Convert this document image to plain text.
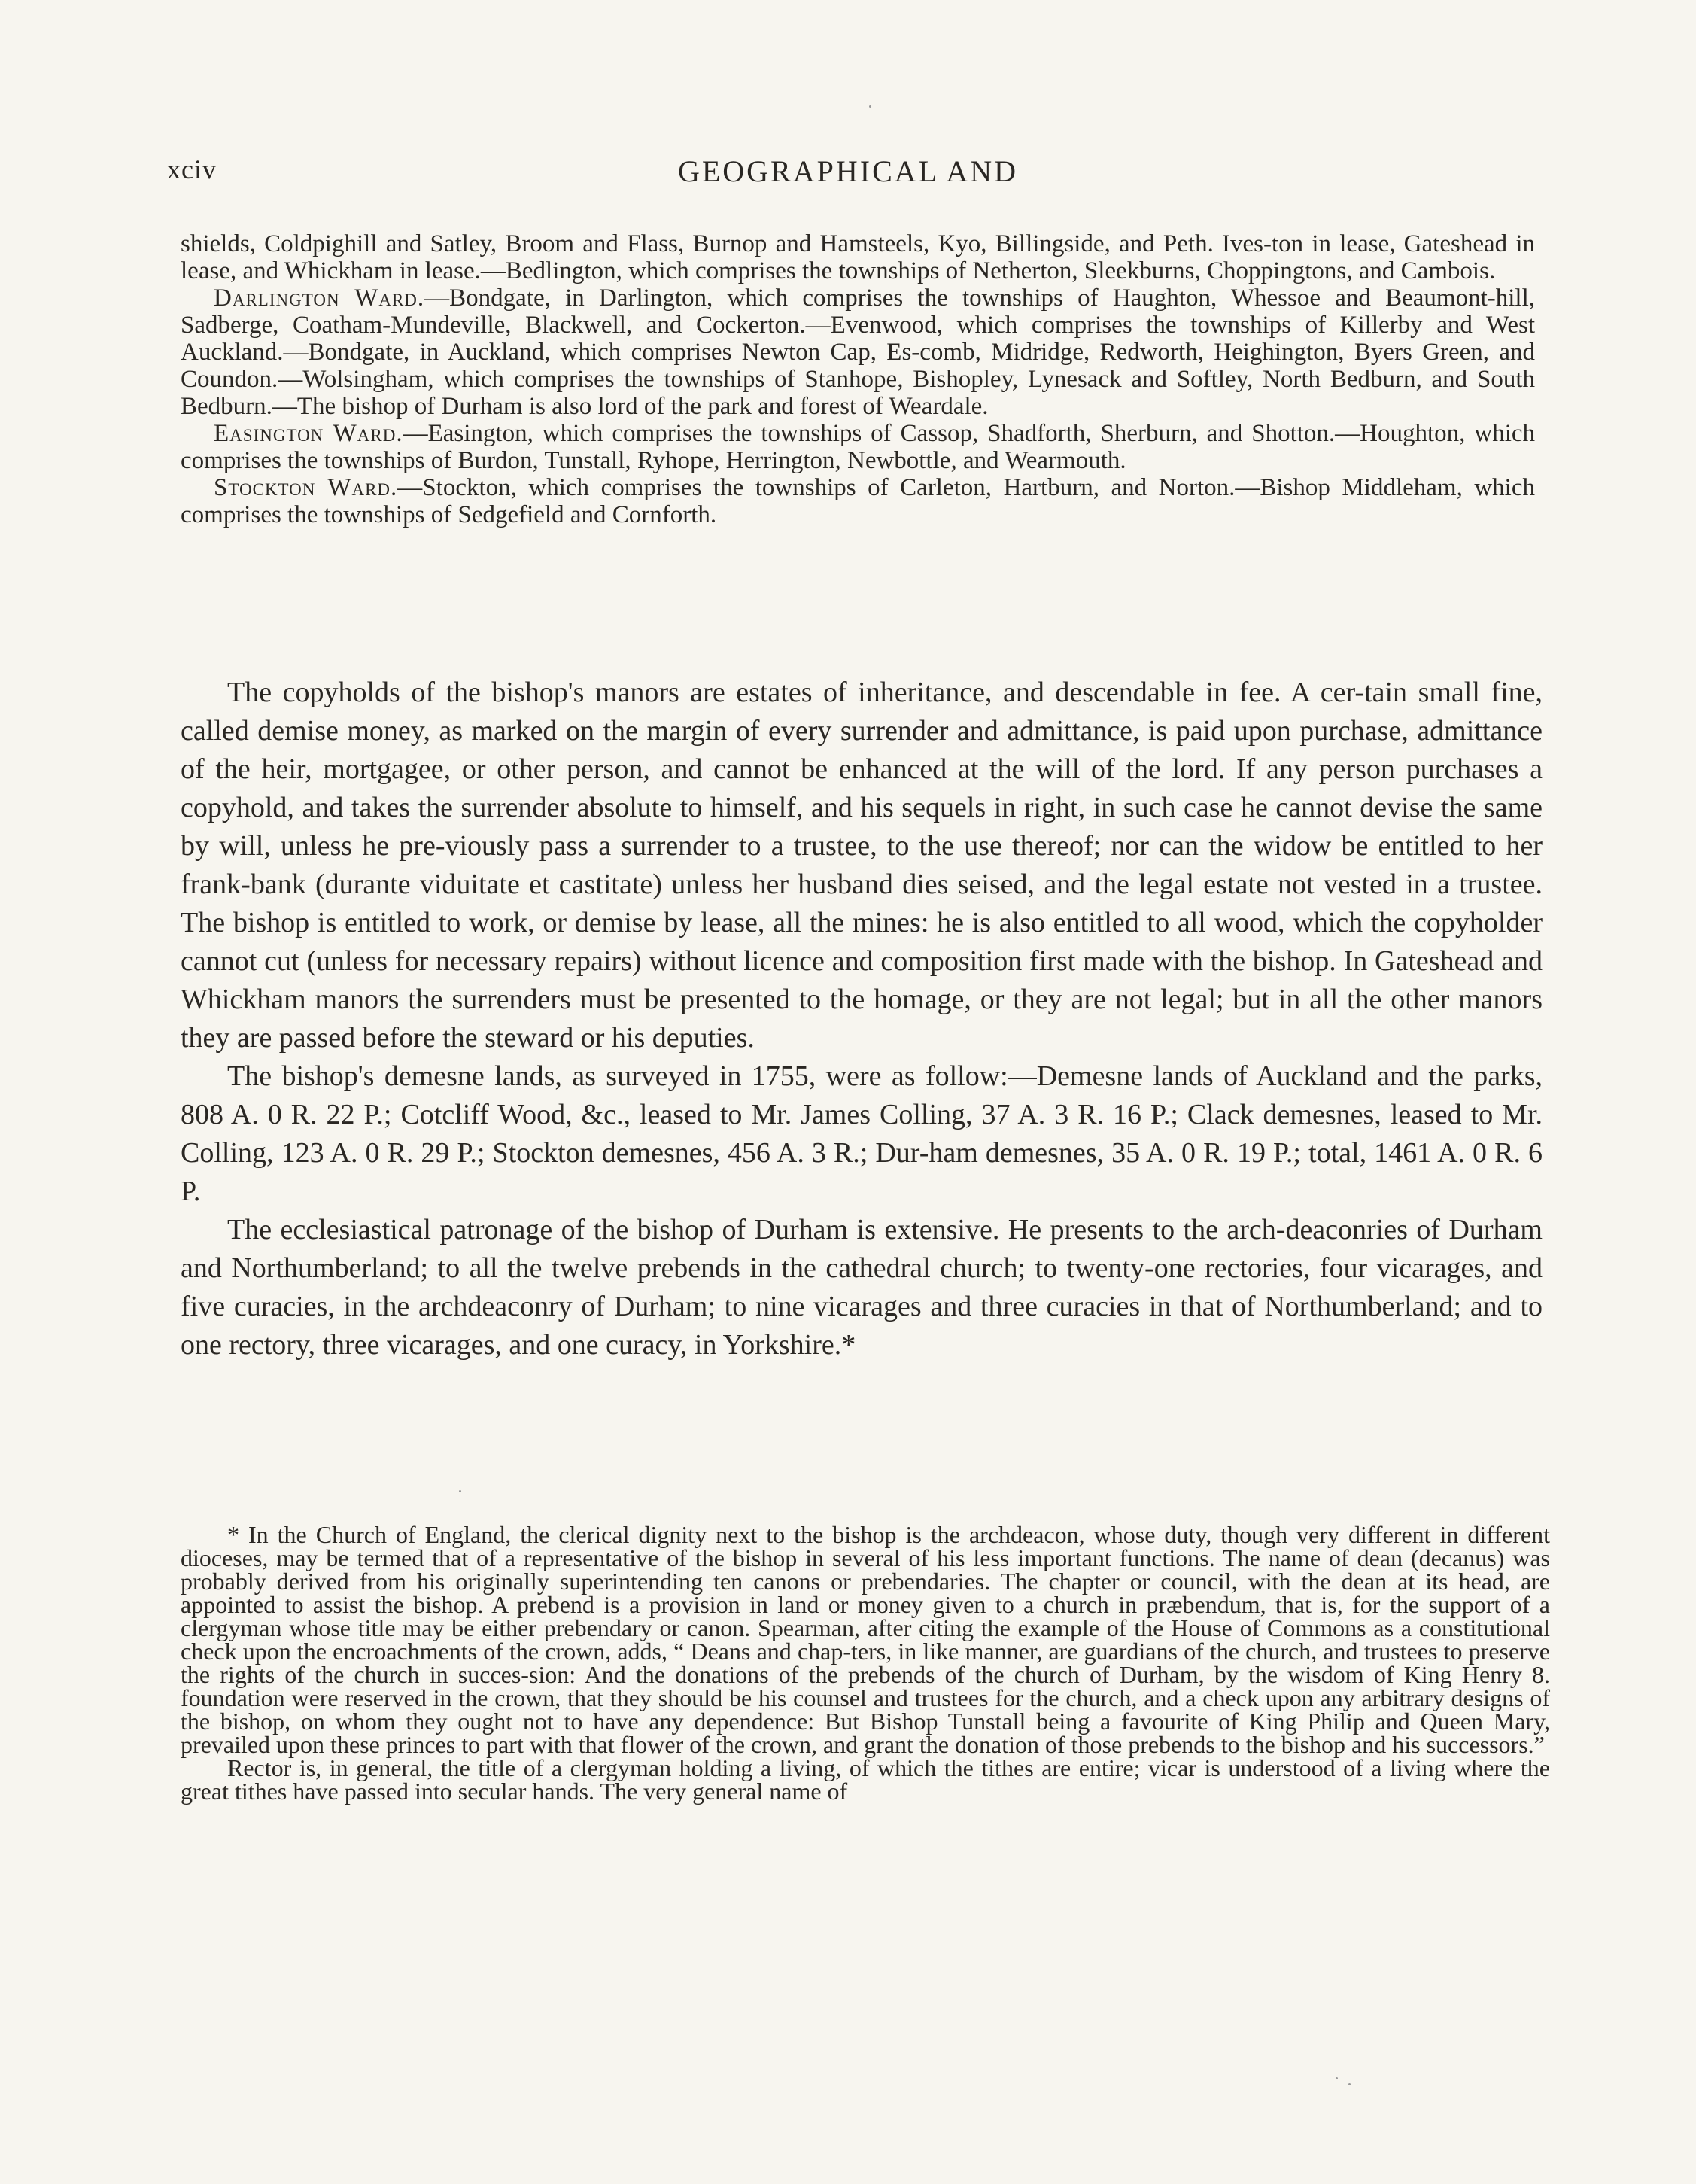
xciv	GEOGRAPHICAL AND

shields, Coldpighill and Satley, Broom and Flass, Burnop and Hamsteels, Kyo, Billingside, and Peth. Ives-ton in lease, Gateshead in lease, and Whickham in lease.—Bedlington, which comprises the townships of Netherton, Sleekburns, Choppingtons, and Cambois.

Darlington Ward.—Bondgate, in Darlington, which comprises the townships of Haughton, Whessoe and Beaumont-hill, Sadberge, Coatham-Mundeville, Blackwell, and Cockerton.—Evenwood, which comprises the townships of Killerby and West Auckland.—Bondgate, in Auckland, which comprises Newton Cap, Es-comb, Midridge, Redworth, Heighington, Byers Green, and Coundon.—Wolsingham, which comprises the townships of Stanhope, Bishopley, Lynesack and Softley, North Bedburn, and South Bedburn.—The bishop of Durham is also lord of the park and forest of Weardale.

Easington Ward.—Easington, which comprises the townships of Cassop, Shadforth, Sherburn, and Shotton.—Houghton, which comprises the townships of Burdon, Tunstall, Ryhope, Herrington, Newbottle, and Wearmouth.

Stockton Ward.—Stockton, which comprises the townships of Carleton, Hartburn, and Norton.—Bishop Middleham, which comprises the townships of Sedgefield and Cornforth.

The copyholds of the bishop's manors are estates of inheritance, and descendable in fee. A cer-tain small fine, called demise money, as marked on the margin of every surrender and admittance, is paid upon purchase, admittance of the heir, mortgagee, or other person, and cannot be enhanced at the will of the lord. If any person purchases a copyhold, and takes the surrender absolute to himself, and his sequels in right, in such case he cannot devise the same by will, unless he pre-viously pass a surrender to a trustee, to the use thereof; nor can the widow be entitled to her frank-bank (durante viduitate et castitate) unless her husband dies seised, and the legal estate not vested in a trustee. The bishop is entitled to work, or demise by lease, all the mines: he is also entitled to all wood, which the copyholder cannot cut (unless for necessary repairs) without licence and composition first made with the bishop. In Gateshead and Whickham manors the surrenders must be presented to the homage, or they are not legal; but in all the other manors they are passed before the steward or his deputies.

The bishop's demesne lands, as surveyed in 1755, were as follow:—Demesne lands of Auckland and the parks, 808 A. 0 R. 22 P.; Cotcliff Wood, &c., leased to Mr. James Colling, 37 A. 3 R. 16 P.; Clack demesnes, leased to Mr. Colling, 123 A. 0 R. 29 P.; Stockton demesnes, 456 A. 3 R.; Dur-ham demesnes, 35 A. 0 R. 19 P.; total, 1461 A. 0 R. 6 P.

The ecclesiastical patronage of the bishop of Durham is extensive. He presents to the arch-deaconries of Durham and Northumberland; to all the twelve prebends in the cathedral church; to twenty-one rectories, four vicarages, and five curacies, in the archdeaconry of Durham; to nine vicarages and three curacies in that of Northumberland; and to one rectory, three vicarages, and one curacy, in Yorkshire.*

* In the Church of England, the clerical dignity next to the bishop is the archdeacon, whose duty, though very different in different dioceses, may be termed that of a representative of the bishop in several of his less important functions. The name of dean (decanus) was probably derived from his originally superintending ten canons or prebendaries. The chapter or council, with the dean at its head, are appointed to assist the bishop. A prebend is a provision in land or money given to a church in præbendum, that is, for the support of a clergyman whose title may be either prebendary or canon. Spearman, after citing the example of the House of Commons as a constitutional check upon the encroachments of the crown, adds, “ Deans and chap-ters, in like manner, are guardians of the church, and trustees to preserve the rights of the church in succes-sion: And the donations of the prebends of the church of Durham, by the wisdom of King Henry 8. foundation were reserved in the crown, that they should be his counsel and trustees for the church, and a check upon any arbitrary designs of the bishop, on whom they ought not to have any dependence: But Bishop Tunstall being a favourite of King Philip and Queen Mary, prevailed upon these princes to part with that flower of the crown, and grant the donation of those prebends to the bishop and his successors.”

Rector is, in general, the title of a clergyman holding a living, of which the tithes are entire; vicar is understood of a living where the great tithes have passed into secular hands. The very general name of
